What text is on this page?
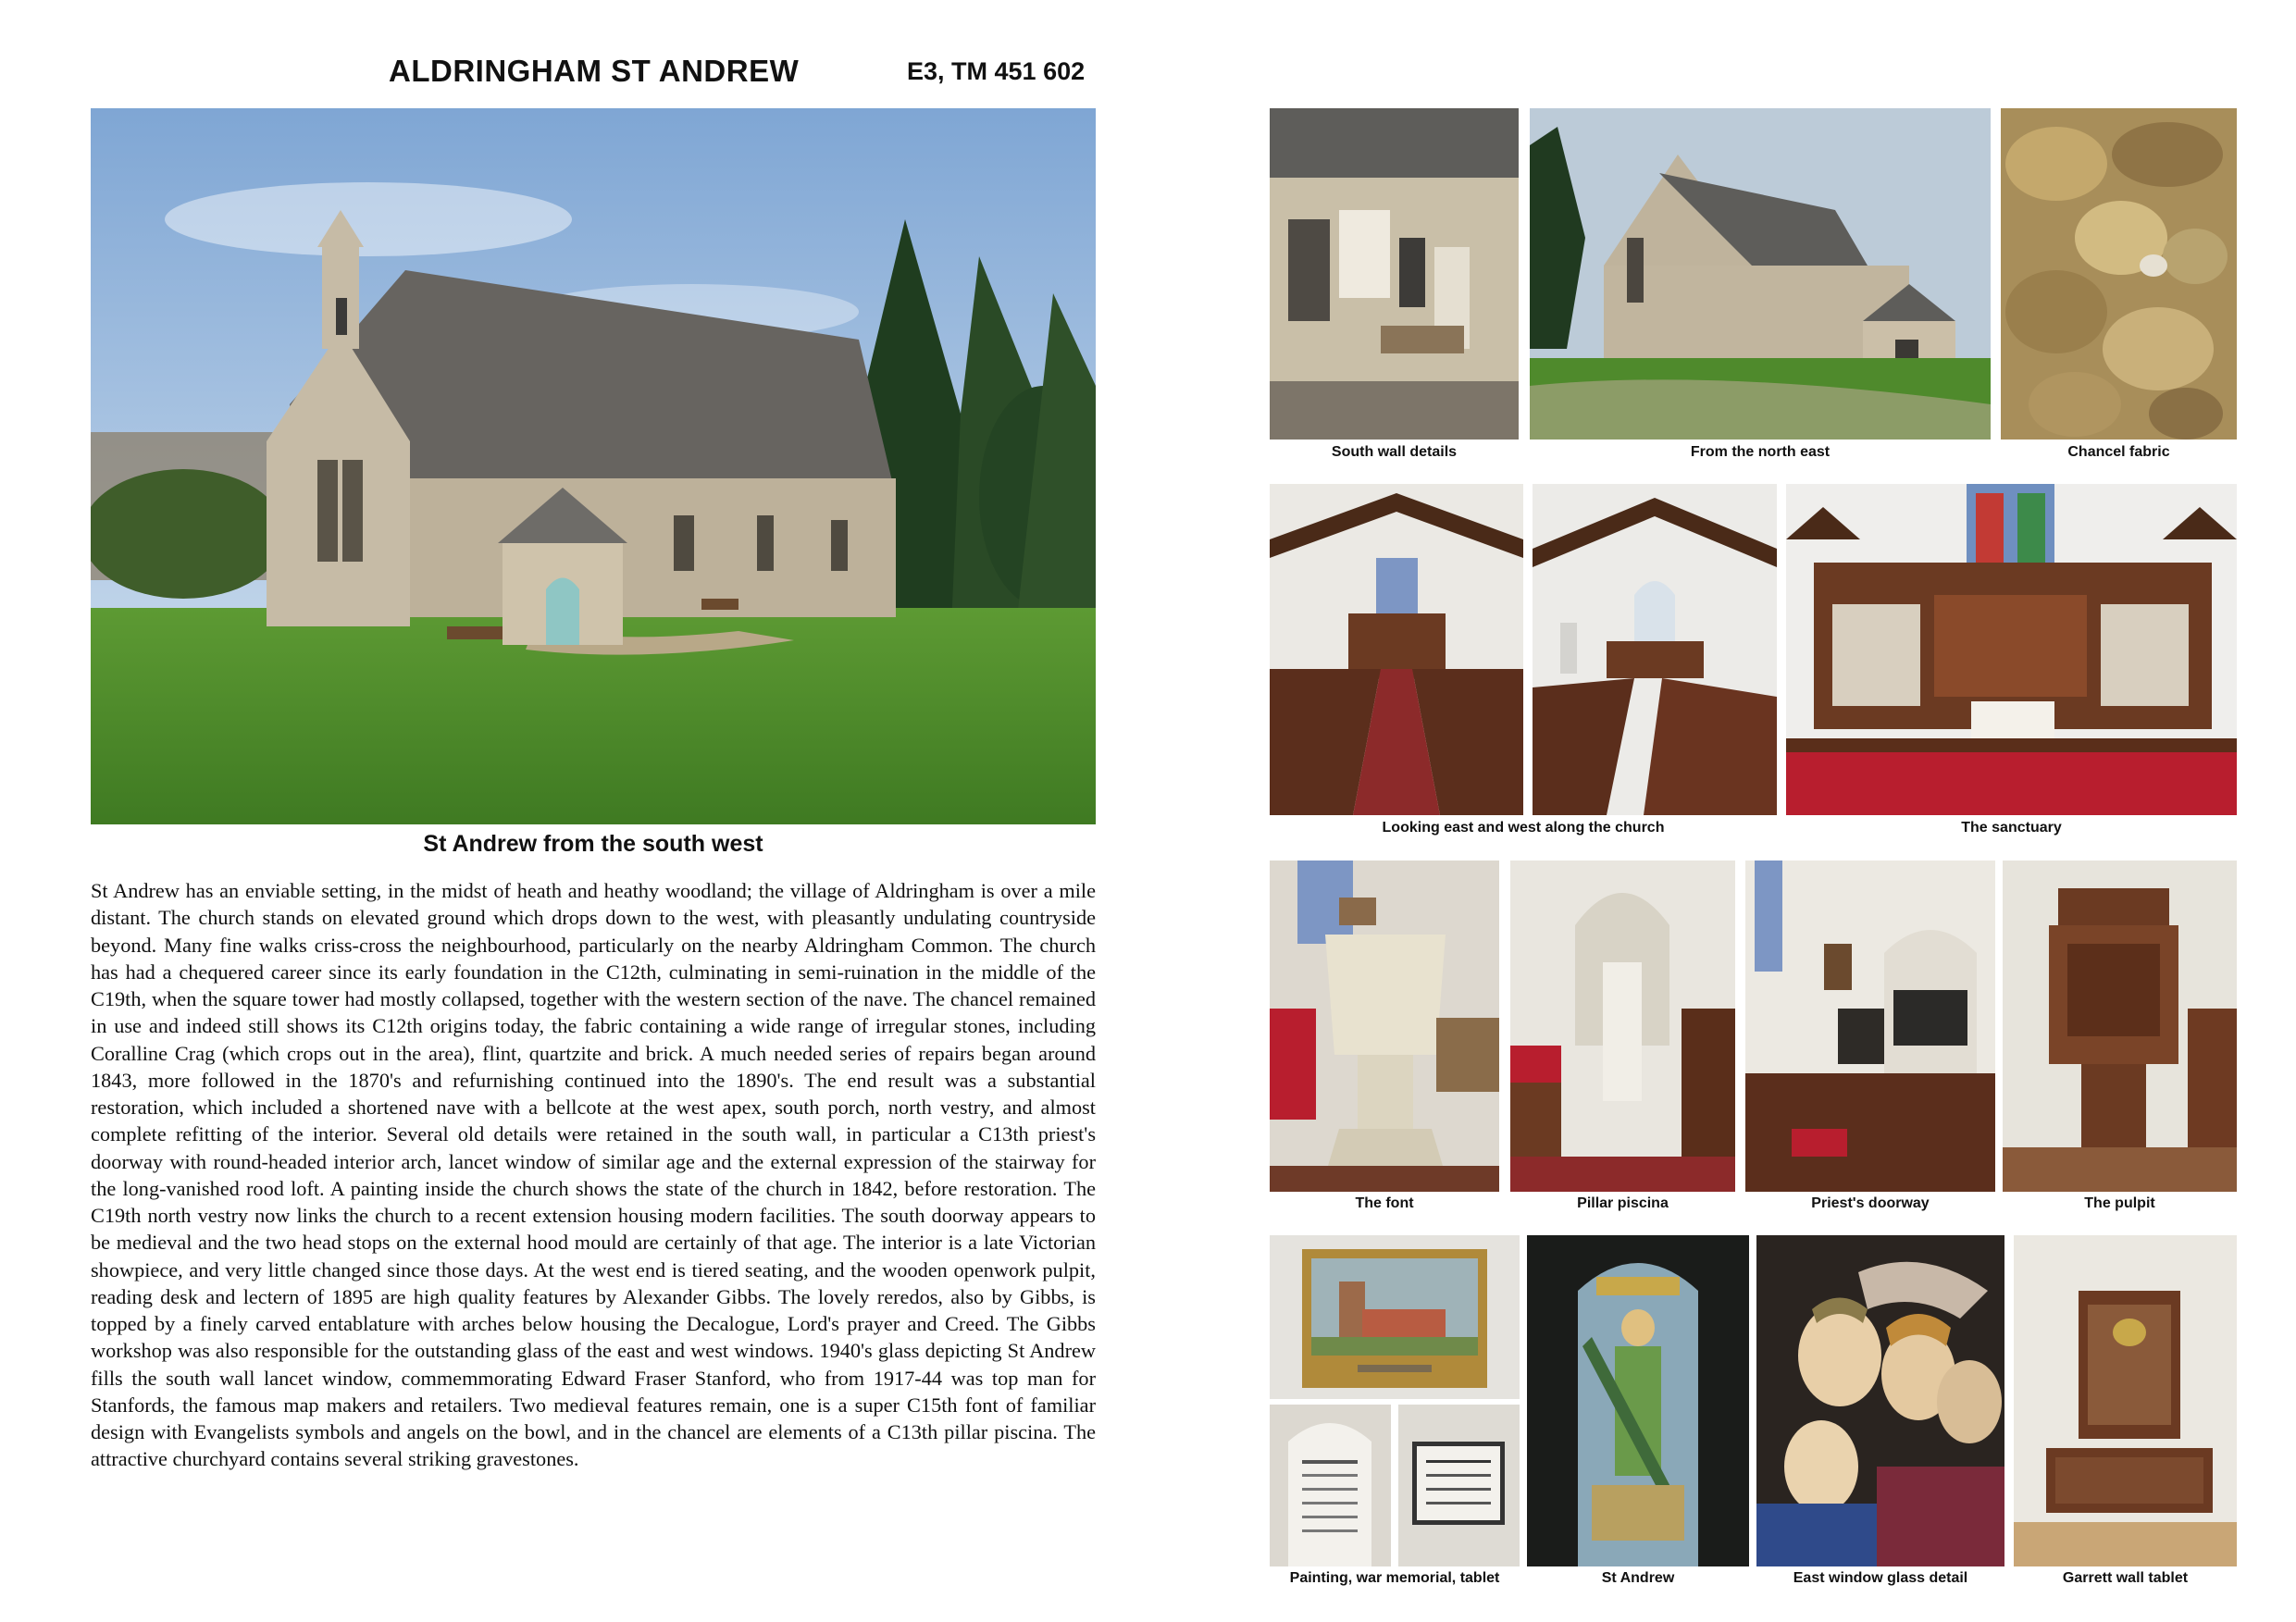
ALDRINGHAM ST ANDREW	E3, TM 451 602
St Andrew from the south west

St Andrew has an enviable setting, in the midst of heath and heathy woodland; the village of Aldringham is over a mile distant. The church stands on elevated ground which drops down to the west, with pleasantly undulating countryside beyond. Many fine walks criss-cross the neighbourhood, particularly on the nearby Aldringham Common. The church has had a chequered career since its early foundation in the C12th, culminating in semi-ruination in the middle of the C19th, when the square tower had mostly collapsed, together with the western section of the nave. The chancel remained in use and indeed still shows its C12th origins today, the fabric containing a wide range of irregular stones, including Coralline Crag (which crops out in the area), flint, quartzite and brick. A much needed series of repairs began around 1843, more followed in the 1870's and refurnishing continued into the 1890's. The end result was a substantial restoration, which included a shortened nave with a bellcote at the west apex, south porch, north vestry, and almost complete refitting of the interior. Several old details were retained in the south wall, in particular a C13th priest's doorway with round-headed interior arch, lancet window of similar age and the external expression of the stairway for the long-vanished rood loft. A painting inside the church shows the state of the church in 1842, before restoration. The C19th north vestry now links the church to a recent extension housing modern facilities. The south doorway appears to be medieval and the two head stops on the external hood mould are certainly of that age. The interior is a late Victorian showpiece, and very little changed since those days. At the west end is tiered seating, and the wooden openwork pulpit, reading desk and lectern of 1895 are high quality features by Alexander Gibbs. The lovely reredos, also by Gibbs, is topped by a finely carved entablature with arches below housing the Decalogue, Lord's prayer and Creed. The Gibbs workshop was also responsible for the outstanding glass of the east and west windows. 1940's glass depicting St Andrew fills the south wall lancet window, commemmorating Edward Fraser Stanford, who from 1917-44 was top man for Stanfords, the famous map makers and retailers. Two medieval features remain, one is a super C15th font of familiar design with Evangelists symbols and angels on the bowl, and in the chancel are elements of a C13th pillar piscina. The attractive churchyard contains several striking gravestones.

South wall details	From the north east	Chancel fabric
Looking east and west along the church	The sanctuary
The font	Pillar piscina	Priest's doorway	The pulpit
Painting, war memorial, tablet	St Andrew	East window glass detail	Garrett wall tablet
